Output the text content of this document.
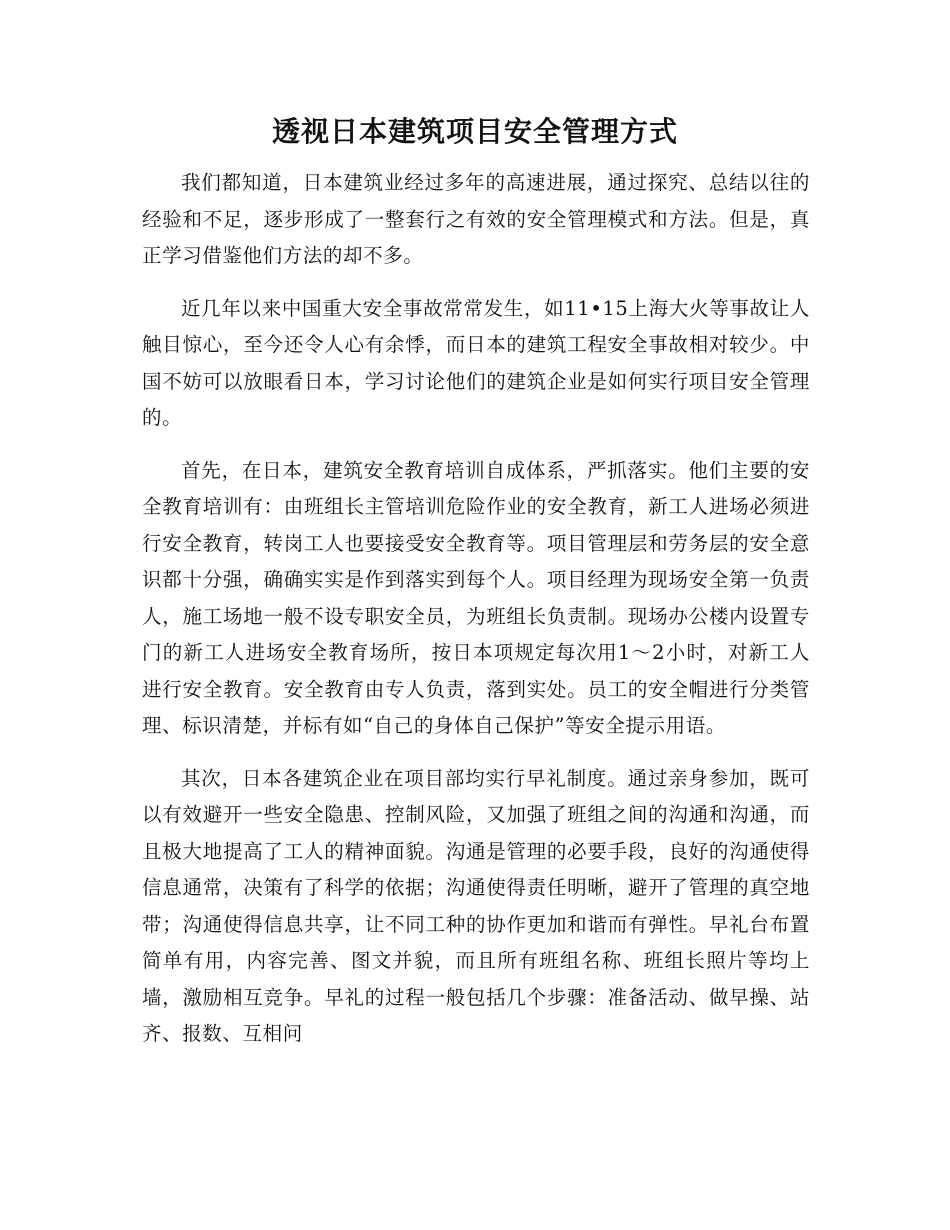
透视日本建筑项目安全管理方式

我们都知道，日本建筑业经过多年的高速进展，通过探究、总结以往的经验和不足，逐步形成了一整套行之有效的安全管理模式和方法。但是，真正学习借鉴他们方法的却不多。

近几年以来中国重大安全事故常常发生，如11•15上海大火等事故让人触目惊心，至今还令人心有余悸，而日本的建筑工程安全事故相对较少。中国不妨可以放眼看日本，学习讨论他们的建筑企业是如何实行项目安全管理的。

首先，在日本，建筑安全教育培训自成体系，严抓落实。他们主要的安全教育培训有：由班组长主管培训危险作业的安全教育，新工人进场必须进行安全教育，转岗工人也要接受安全教育等。项目管理层和劳务层的安全意识都十分强，确确实实是作到落实到每个人。项目经理为现场安全第一负责人，施工场地一般不设专职安全员，为班组长负责制。现场办公楼内设置专门的新工人进场安全教育场所，按日本项规定每次用1～2小时，对新工人进行安全教育。安全教育由专人负责，落到实处。员工的安全帽进行分类管理、标识清楚，并标有如“自己的身体自己保护”等安全提示用语。

其次，日本各建筑企业在项目部均实行早礼制度。通过亲身参加，既可以有效避开一些安全隐患、控制风险，又加强了班组之间的沟通和沟通，而且极大地提高了工人的精神面貌。沟通是管理的必要手段，良好的沟通使得信息通常，决策有了科学的依据；沟通使得责任明晰，避开了管理的真空地带；沟通使得信息共享，让不同工种的协作更加和谐而有弹性。早礼台布置简单有用，内容完善、图文并貌，而且所有班组名称、班组长照片等均上墙，激励相互竞争。早礼的过程一般包括几个步骤：准备活动、做早操、站齐、报数、互相问
